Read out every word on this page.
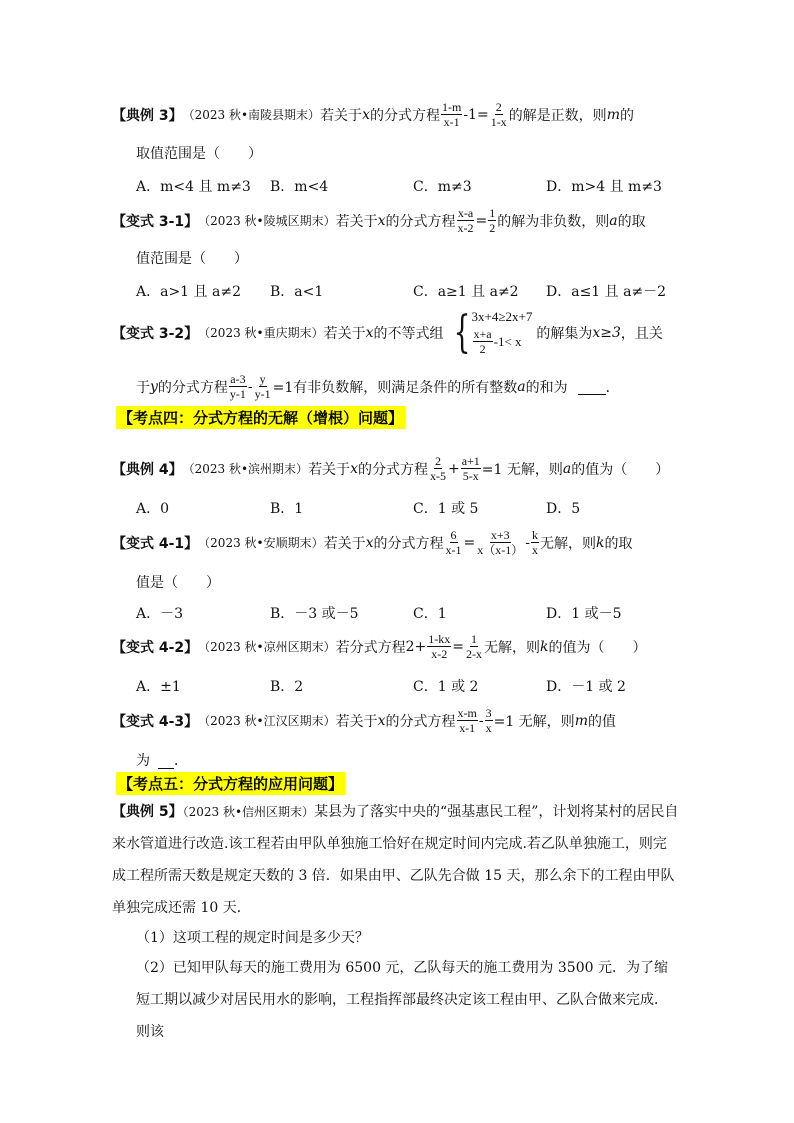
【典例 3】 （2023 秋•南陵县期末） 若关于 x 的分式方程 $\frac{1-m}{x-1} -1= \frac{2}{1-x}$ 的解是正数，则 m 的
取值范围是（　　）
A．m<4 且 m≠3 B．m<4	C．m≠3	D．m>4 且 m≠3
【变式 3-1】 （2023 秋•陵城区期末） 若关于 x 的分式方程 $\frac{x-a}{x-2} = \frac{1}{2}$ 的解为非负数，则 a 的取
值范围是（　　）
A．a>1 且 a≠2 B．a<1	C．a≥1 且 a≠2 D．a≤1 且 a≠－2
【变式 3-2】 （2023 秋•重庆期末） 若关于 x 的不等式组 { 3x+4≥2x+7
$\frac{x+a}{2} -1< x$ 的解集为 x≥3 ，且关
于 y 的分式方程 $\frac{a-3}{y-1} - \frac{y}{y-1} =1$有非负数解，则满足条件的所有整数 a 的和为
	．
【考点四：分式方程的无解（增根）问题】
【典例 4】 （2023 秋•滨州期末） 若关于 x 的分式方程 $\frac{2}{x-5} + \frac{a+1}{5-x} =1$ 无解，则 a 的值为（　　）
A．0	B．1	C．1 或 5	D．5
【变式 4-1】 （2023 秋•安顺期末） 若关于 x 的分式方程 $\frac{6}{x-1} = \frac{x+3}{x(x-1)} - \frac{k}{x}$ 无解，则 k 的取
值是（　　）
A．－3	B．－3 或－5	C．1	D．1 或－5
【变式 4-2】 （2023 秋•凉州区期末） 若分式方程 $2+ \frac{1-kx}{x-2} = \frac{1}{2-x}$ 无解，则 k 的值为（　　）
A．±1	B．2	C．1 或 2	D．－1 或 2
【变式 4-3】 （2023 秋•江汉区期末） 若关于 x 的分式方程 $\frac{x-m}{x-1} - \frac{3}{x} =1$ 无解，则 m 的值
为
．
【考点五：分式方程的应用问题】
【典例 5】（2023 秋•信州区期末）某县为了落实中央的“强基惠民工程”，计划将某村的居民自来水管道进行改造.该工程若由甲队单独施工恰好在规定时间内完成.若乙队单独施工，则完成工程所需天数是规定天数的 3 倍．如果由甲、乙队先合做 15 天，那么余下的工程由甲队单独完成还需 10 天．
（1）这项工程的规定时间是多少天？
（2）已知甲队每天的施工费用为 6500 元，乙队每天的施工费用为 3500 元．为了缩短工期以减少对居民用水的影响，工程指挥部最终决定该工程由甲、乙队合做来完成．则该
